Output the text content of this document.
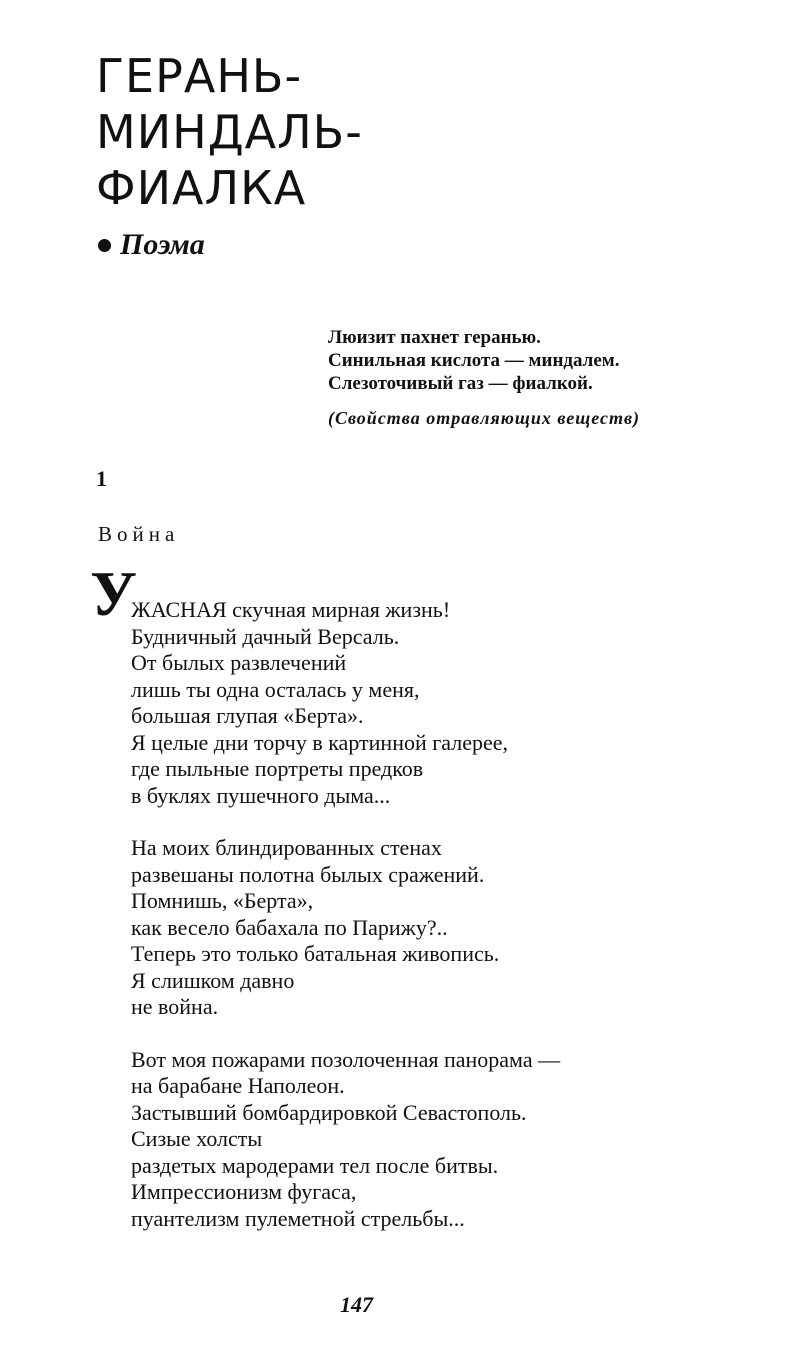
ГЕРАНЬ-
МИНДАЛЬ-
ФИАЛКА
Поэма
Люизит пахнет геранью.
Синильная кислота — миндалем.
Слезоточивый газ — фиалкой.
(Свойства отравляющих веществ)
1
Война
У
ЖАСНАЯ скучная мирная жизнь!
Будничный дачный Версаль.
От былых развлечений
лишь ты одна осталась у меня,
большая глупая «Берта».
Я целые дни торчу в картинной галерее,
где пыльные портреты предков
в буклях пушечного дыма...
На моих блиндированных стенах
развешаны полотна былых сражений.
Помнишь, «Берта»,
как весело бабахала по Парижу?..
Теперь это только батальная живопись.
Я слишком давно
не война.
Вот моя пожарами позолоченная панорама —
на барабане Наполеон.
Застывший бомбардировкой Севастополь.
Сизые холсты
раздетых мародерами тел после битвы.
Импрессионизм фугаса,
пуантелизм пулеметной стрельбы...
147
